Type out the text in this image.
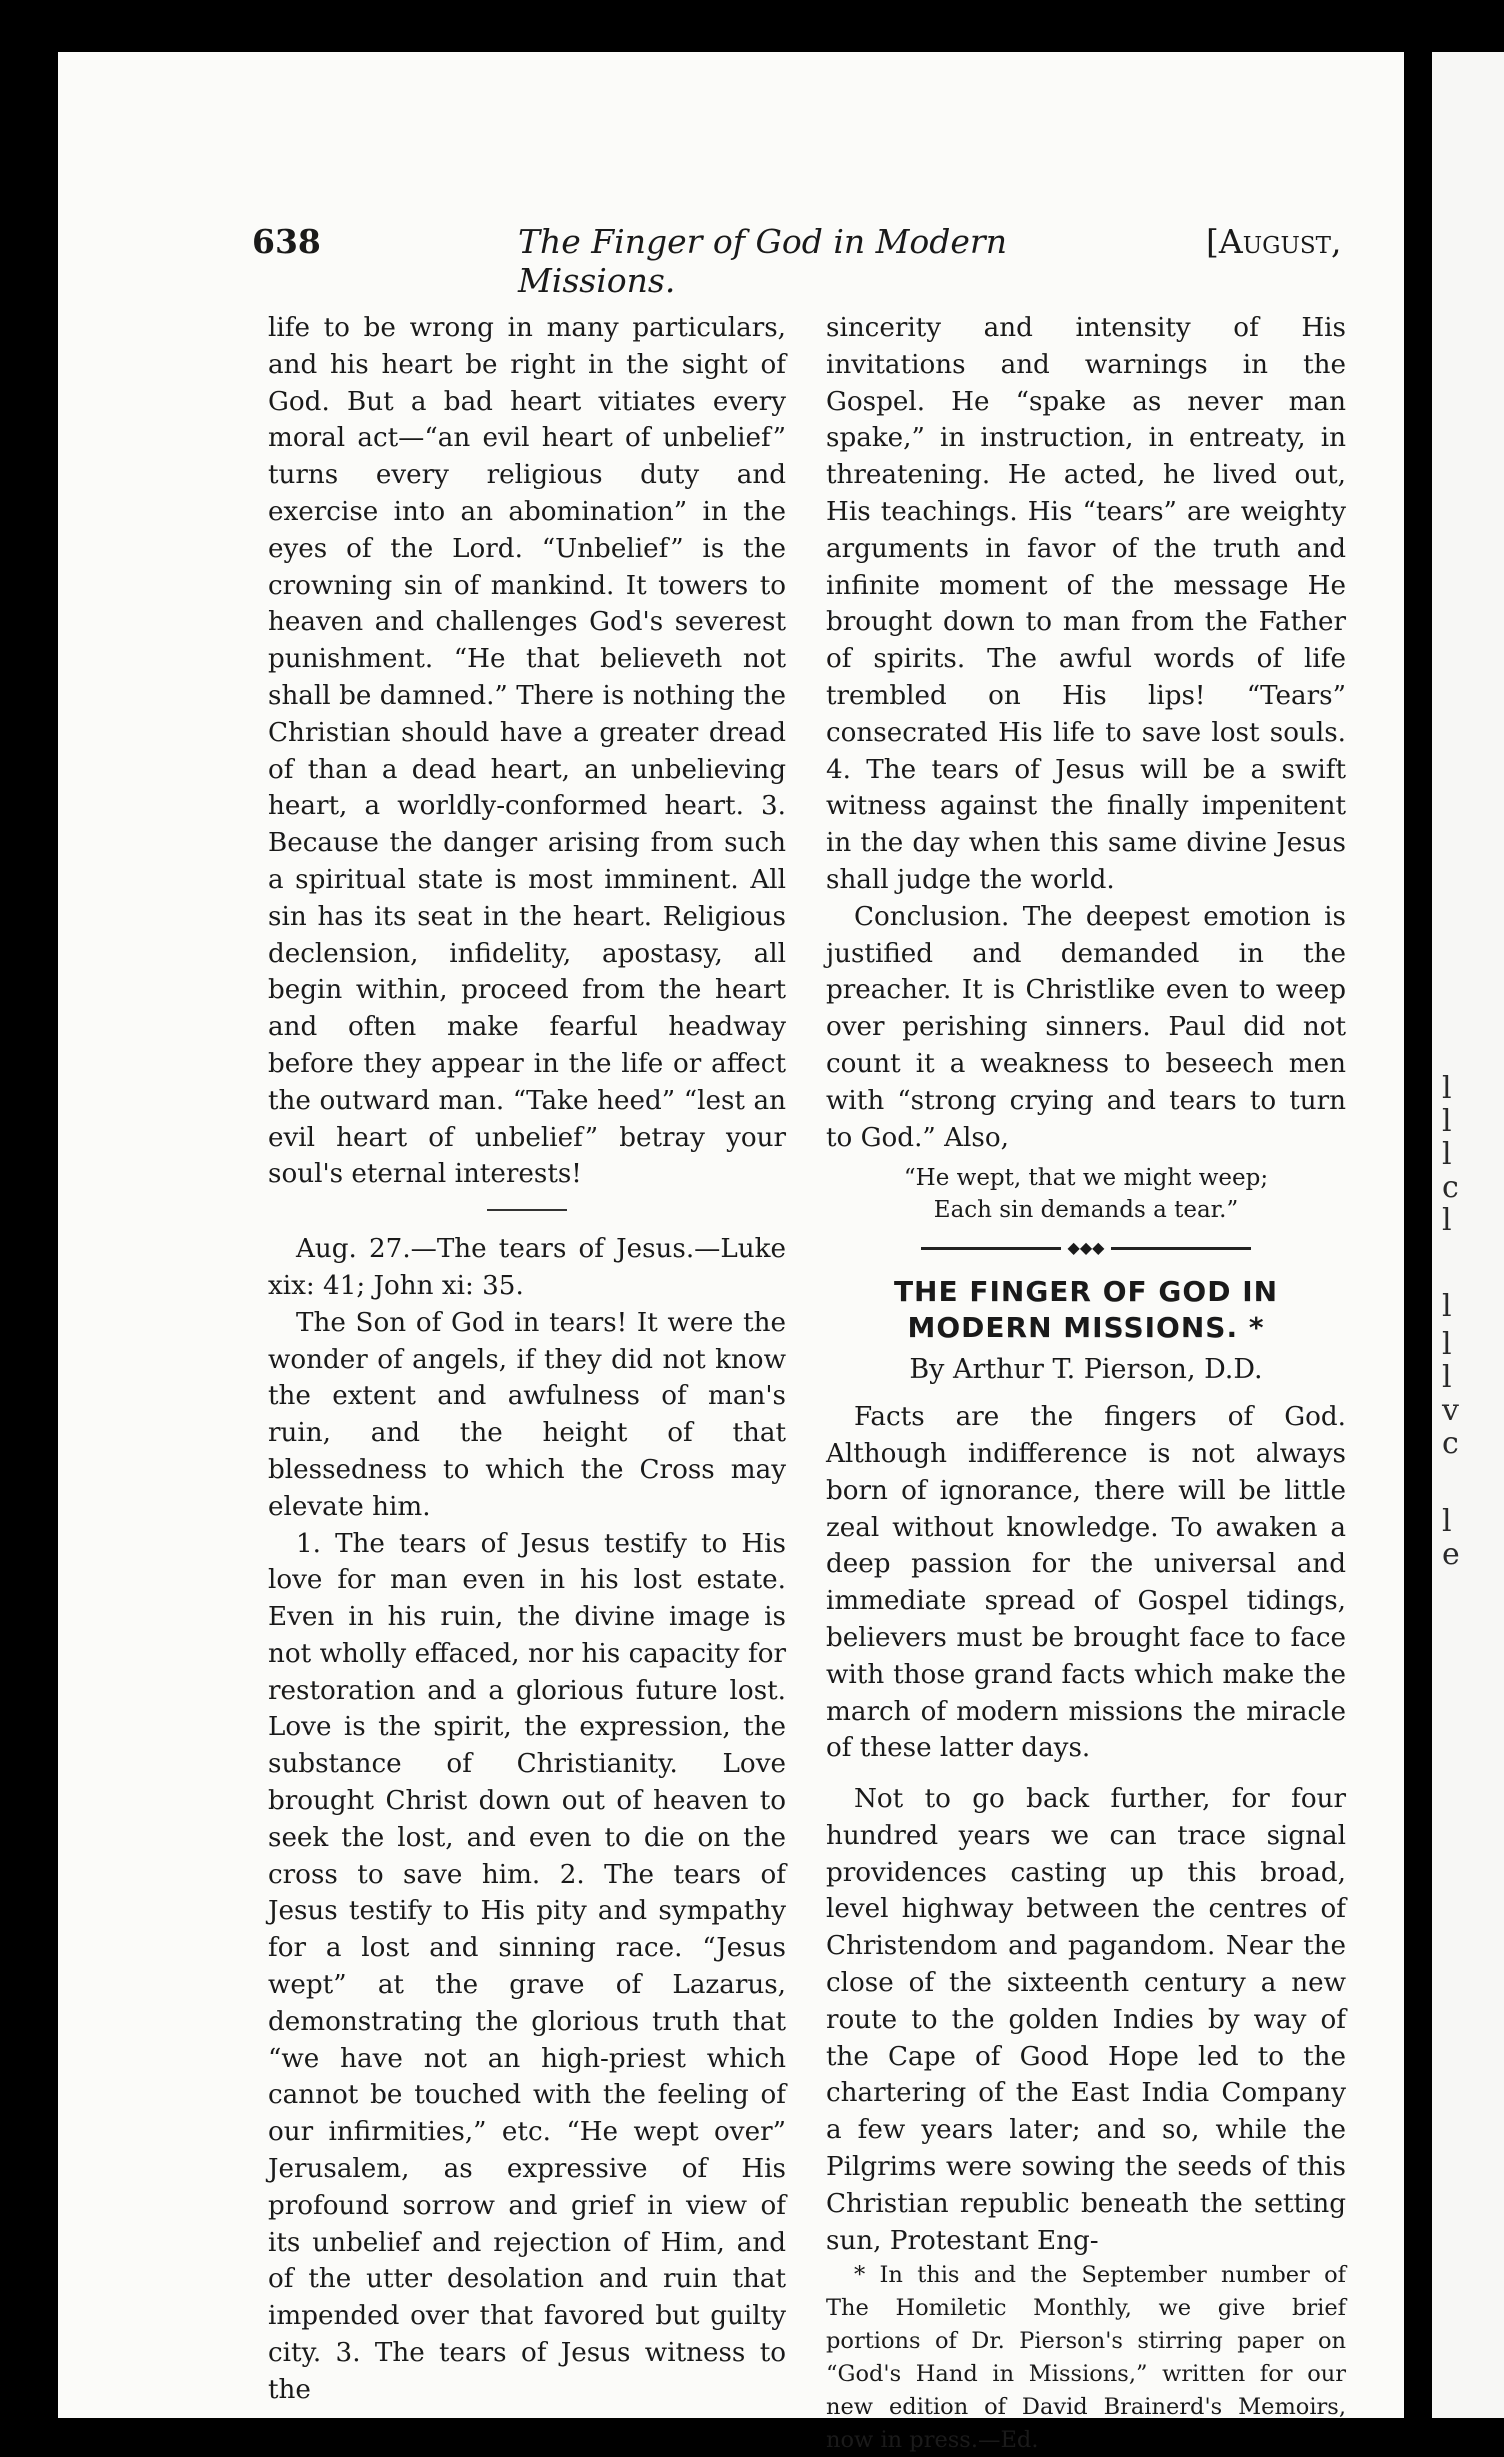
638	The Finger of God in Modern Missions.
[August,

life to be wrong in many particulars, and his heart be right in the sight of God. But a bad heart vitiates every moral act—“an evil heart of unbelief” turns every religious duty and exercise into an abomination” in the eyes of the Lord. “Unbelief” is the crowning sin of mankind. It towers to heaven and challenges God's severest punishment. “He that believeth not shall be damned.” There is nothing the Christian should have a greater dread of than a dead heart, an unbelieving heart, a worldly-conformed heart. 3. Because the danger arising from such a spiritual state is most imminent. All sin has its seat in the heart. Religious declension, infidelity, apostasy, all begin within, proceed from the heart and often make fearful headway before they appear in the life or affect the outward man. “Take heed” “lest an evil heart of unbelief” betray your soul's eternal interests!

Aug. 27.—The tears of Jesus.—Luke xix: 41; John xi: 35.

The Son of God in tears! It were the wonder of angels, if they did not know the extent and awfulness of man's ruin, and the height of that blessedness to which the Cross may elevate him.

1. The tears of Jesus testify to His love for man even in his lost estate. Even in his ruin, the divine image is not wholly effaced, nor his capacity for restoration and a glorious future lost. Love is the spirit, the expression, the substance of Christianity. Love brought Christ down out of heaven to seek the lost, and even to die on the cross to save him. 2. The tears of Jesus testify to His pity and sympathy for a lost and sinning race. “Jesus wept” at the grave of Lazarus, demonstrating the glorious truth that “we have not an high-priest which cannot be touched with the feeling of our infirmities,” etc. “He wept over” Jerusalem, as expressive of His profound sorrow and grief in view of its unbelief and rejection of Him, and of the utter desolation and ruin that impended over that favored but guilty city. 3. The tears of Jesus witness to the

sincerity and intensity of His invitations and warnings in the Gospel. He “spake as never man spake,” in instruction, in entreaty, in threatening. He acted, he lived out, His teachings. His “tears” are weighty arguments in favor of the truth and infinite moment of the message He brought down to man from the Father of spirits. The awful words of life trembled on His lips! “Tears” consecrated His life to save lost souls. 4. The tears of Jesus will be a swift witness against the finally impenitent in the day when this same divine Jesus shall judge the world.

Conclusion. The deepest emotion is justified and demanded in the preacher. It is Christlike even to weep over perishing sinners. Paul did not count it a weakness to beseech men with “strong crying and tears to turn to God.” Also,

“He wept, that we might weep;
Each sin demands a tear.”
◆◆◆
THE FINGER OF GOD IN MODERN MISSIONS. *
By Arthur T. Pierson, D.D.

Facts are the fingers of God. Although indifference is not always born of ignorance, there will be little zeal without knowledge. To awaken a deep passion for the universal and immediate spread of Gospel tidings, believers must be brought face to face with those grand facts which make the march of modern missions the miracle of these latter days.

Not to go back further, for four hundred years we can trace signal providences casting up this broad, level highway between the centres of Christendom and pagandom. Near the close of the sixteenth century a new route to the golden Indies by way of the Cape of Good Hope led to the chartering of the East India Company a few years later; and so, while the Pilgrims were sowing the seeds of this Christian republic beneath the setting sun, Protestant Eng-

* In this and the September number of The Homiletic Monthly, we give brief portions of Dr. Pierson's stirring paper on “God's Hand in Missions,” written for our new edition of David Brainerd's Memoirs, now in press.—Ed.

l
l
l
c
l
l
l
l
v
c
l
e
